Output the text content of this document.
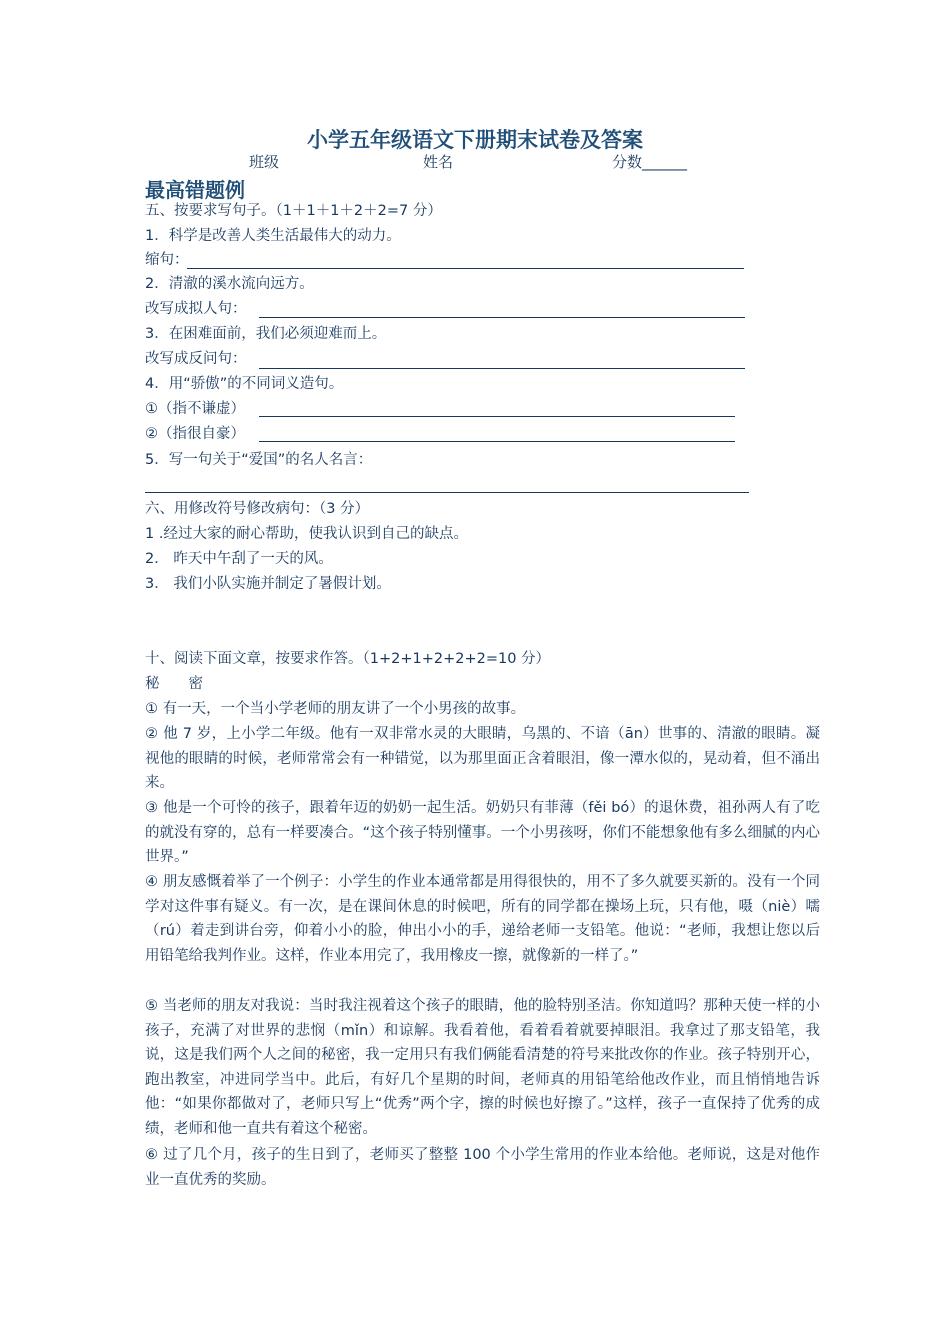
小学五年级语文下册期末试卷及答案
班级	姓名	分数______
最高错题例
五、按要求写句子。（1＋1＋1＋2＋2=7 分）
1．科学是改善人类生活最伟大的动力。
缩句：
2．清澈的溪水流向远方。
改写成拟人句：
3．在困难面前，我们必须迎难而上。
改写成反问句：
4．用“骄傲”的不同词义造句。
①（指不谦虚）
②（指很自豪）
5．写一句关于“爱国”的名人名言：
六、用修改符号修改病句：（3 分）
1 .经过大家的耐心帮助，使我认识到自己的缺点。
2． 昨天中午刮了一天的风。
3． 我们小队实施并制定了暑假计划。
十、阅读下面文章，按要求作答。（1+2+1+2+2+2=10 分）
秘　　密
① 有一天，一个当小学老师的朋友讲了一个小男孩的故事。
② 他 7 岁，上小学二年级。他有一双非常水灵的大眼睛，乌黑的、不谙（ān）世事的、清澈的眼睛。凝视他的眼睛的时候，老师常常会有一种错觉，以为那里面正含着眼泪，像一潭水似的，晃动着，但不涌出来。
③ 他是一个可怜的孩子，跟着年迈的奶奶一起生活。奶奶只有菲薄（fěi bó）的退休费，祖孙两人有了吃的就没有穿的，总有一样要凑合。“这个孩子特别懂事。一个小男孩呀，你们不能想象他有多么细腻的内心世界。”
④ 朋友感慨着举了一个例子：小学生的作业本通常都是用得很快的，用不了多久就要买新的。没有一个同学对这件事有疑义。有一次，是在课间休息的时候吧，所有的同学都在操场上玩，只有他，嗫（niè）嚅（rú）着走到讲台旁，仰着小小的脸，伸出小小的手，递给老师一支铅笔。他说：“老师，我想让您以后用铅笔给我判作业。这样，作业本用完了，我用橡皮一擦，就像新的一样了。”
⑤ 当老师的朋友对我说：当时我注视着这个孩子的眼睛，他的脸特别圣洁。你知道吗？那种天使一样的小孩子，充满了对世界的悲悯（mǐn）和谅解。我看着他，看着看着就要掉眼泪。我拿过了那支铅笔，我说，这是我们两个人之间的秘密，我一定用只有我们俩能看清楚的符号来批改你的作业。孩子特别开心，跑出教室，冲进同学当中。此后，有好几个星期的时间，老师真的用铅笔给他改作业，而且悄悄地告诉他：“如果你都做对了，老师只写上“优秀”两个字，擦的时候也好擦了。”这样，孩子一直保持了优秀的成绩，老师和他一直共有着这个秘密。
⑥ 过了几个月，孩子的生日到了，老师买了整整 100 个小学生常用的作业本给他。老师说，这是对他作业一直优秀的奖励。
